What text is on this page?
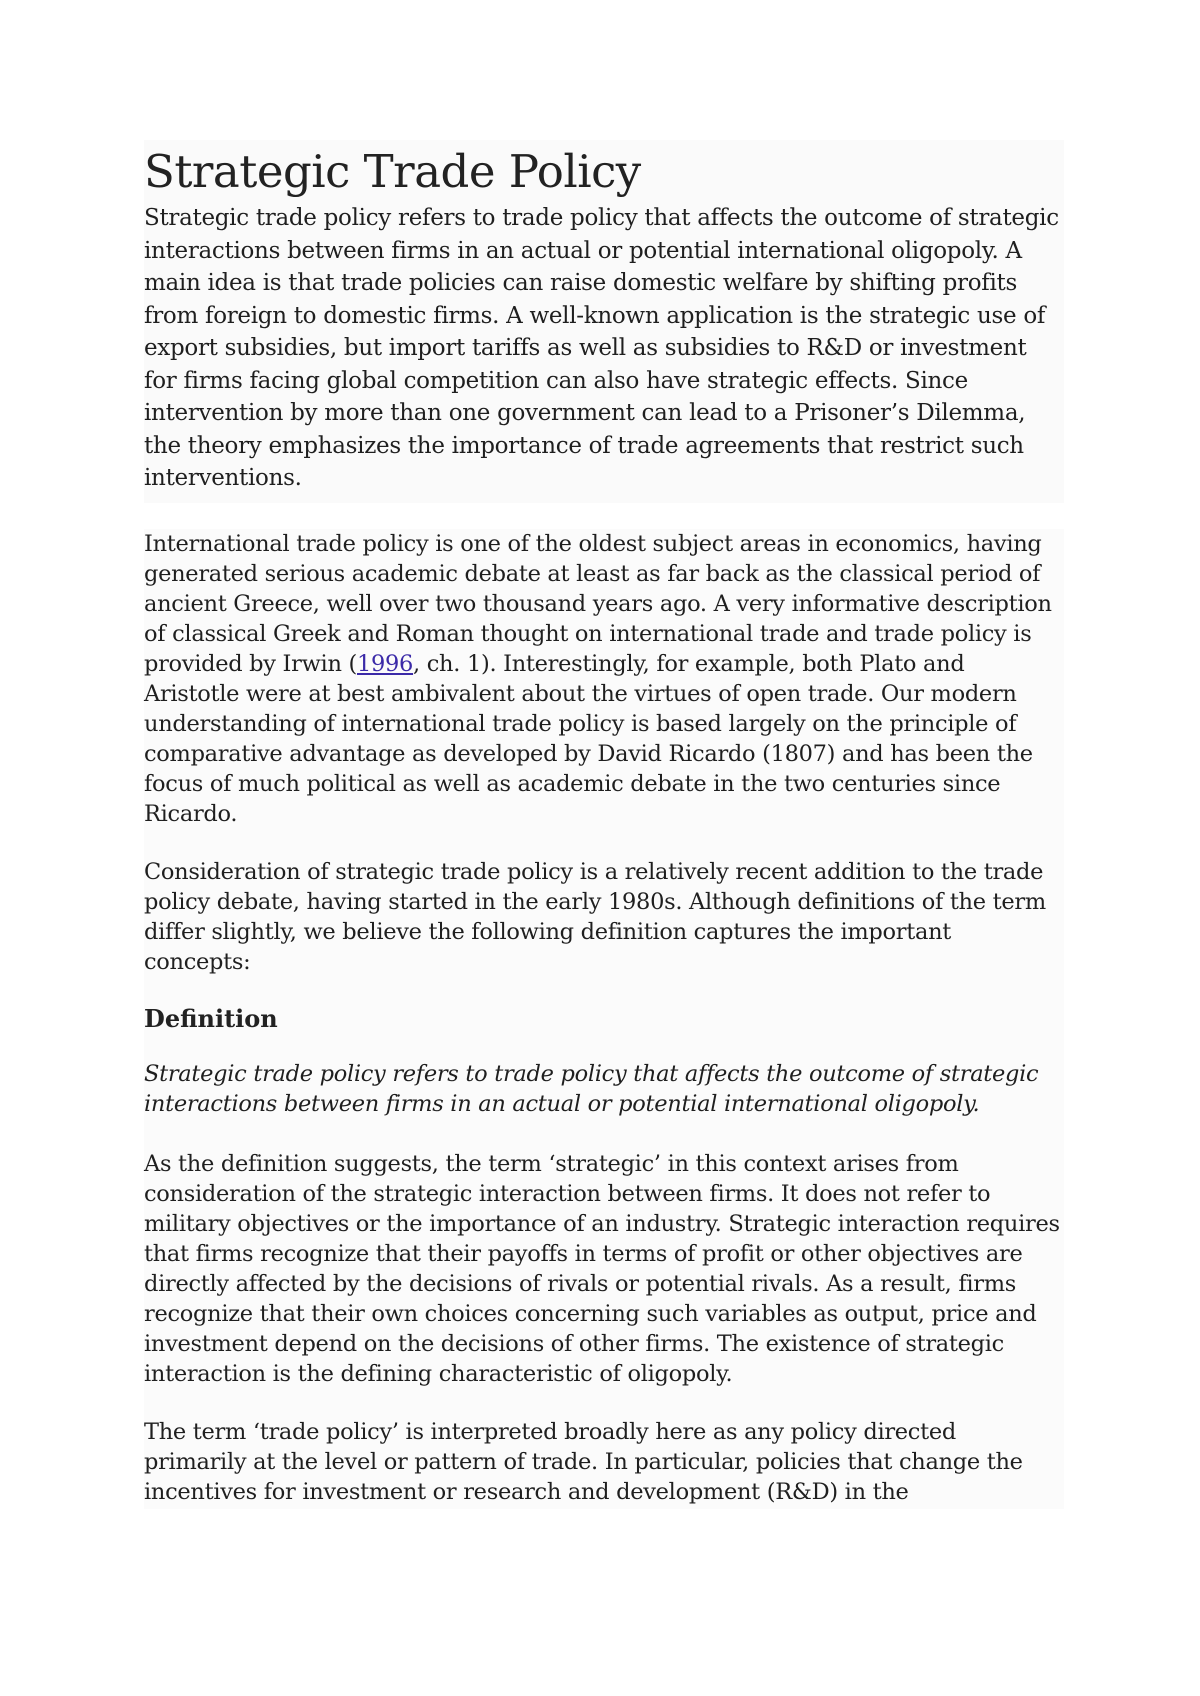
Strategic Trade Policy

Strategic trade policy refers to trade policy that affects the outcome of strategic interactions between firms in an actual or potential international oligopoly. A main idea is that trade policies can raise domestic welfare by shifting profits from foreign to domestic firms. A well-known application is the strategic use of export subsidies, but import tariffs as well as subsidies to R&D or investment for firms facing global competition can also have strategic effects. Since intervention by more than one government can lead to a Prisoner’s Dilemma, the theory emphasizes the importance of trade agreements that restrict such interventions.

International trade policy is one of the oldest subject areas in economics, having generated serious academic debate at least as far back as the classical period of ancient Greece, well over two thousand years ago. A very informative description of classical Greek and Roman thought on international trade and trade policy is provided by Irwin (1996, ch. 1). Interestingly, for example, both Plato and Aristotle were at best ambivalent about the virtues of open trade. Our modern understanding of international trade policy is based largely on the principle of comparative advantage as developed by David Ricardo (1807) and has been the focus of much political as well as academic debate in the two centuries since Ricardo.

Consideration of strategic trade policy is a relatively recent addition to the trade policy debate, having started in the early 1980s. Although definitions of the term differ slightly, we believe the following definition captures the important concepts:

Definition

Strategic trade policy refers to trade policy that affects the outcome of strategic interactions between firms in an actual or potential international oligopoly.

As the definition suggests, the term ‘strategic’ in this context arises from consideration of the strategic interaction between firms. It does not refer to military objectives or the importance of an industry. Strategic interaction requires that firms recognize that their payoffs in terms of profit or other objectives are directly affected by the decisions of rivals or potential rivals. As a result, firms recognize that their own choices concerning such variables as output, price and investment depend on the decisions of other firms. The existence of strategic interaction is the defining characteristic of oligopoly.

The term ‘trade policy’ is interpreted broadly here as any policy directed primarily at the level or pattern of trade. In particular, policies that change the incentives for investment or research and development (R&D) in the
